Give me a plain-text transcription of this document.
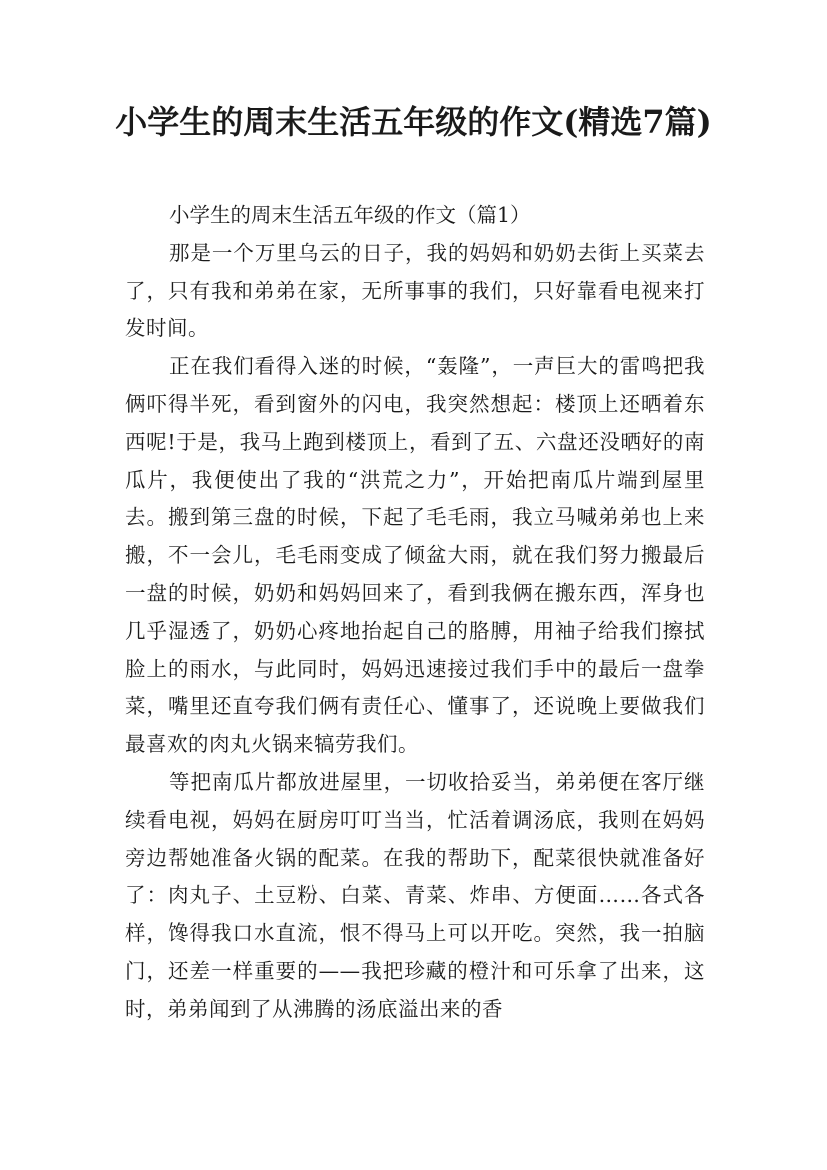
小学生的周末生活五年级的作文(精选7篇)

小学生的周末生活五年级的作文（篇1）

那是一个万里乌云的日子，我的妈妈和奶奶去街上买菜去了，只有我和弟弟在家，无所事事的我们，只好靠看电视来打发时间。

正在我们看得入迷的时候，“轰隆”，一声巨大的雷鸣把我俩吓得半死，看到窗外的闪电，我突然想起：楼顶上还晒着东西呢!于是，我马上跑到楼顶上，看到了五、六盘还没晒好的南瓜片，我便使出了我的“洪荒之力”，开始把南瓜片端到屋里去。搬到第三盘的时候，下起了毛毛雨，我立马喊弟弟也上来搬，不一会儿，毛毛雨变成了倾盆大雨，就在我们努力搬最后一盘的时候，奶奶和妈妈回来了，看到我俩在搬东西，浑身也几乎湿透了，奶奶心疼地抬起自己的胳膊，用袖子给我们擦拭脸上的雨水，与此同时，妈妈迅速接过我们手中的最后一盘拳菜，嘴里还直夸我们俩有责任心、懂事了，还说晚上要做我们最喜欢的肉丸火锅来犒劳我们。

等把南瓜片都放进屋里，一切收拾妥当，弟弟便在客厅继续看电视，妈妈在厨房叮叮当当，忙活着调汤底，我则在妈妈旁边帮她准备火锅的配菜。在我的帮助下，配菜很快就准备好了：肉丸子、土豆粉、白菜、青菜、炸串、方便面……各式各样，馋得我口水直流，恨不得马上可以开吃。突然，我一拍脑门，还差一样重要的——我把珍藏的橙汁和可乐拿了出来，这时，弟弟闻到了从沸腾的汤底溢出来的香
